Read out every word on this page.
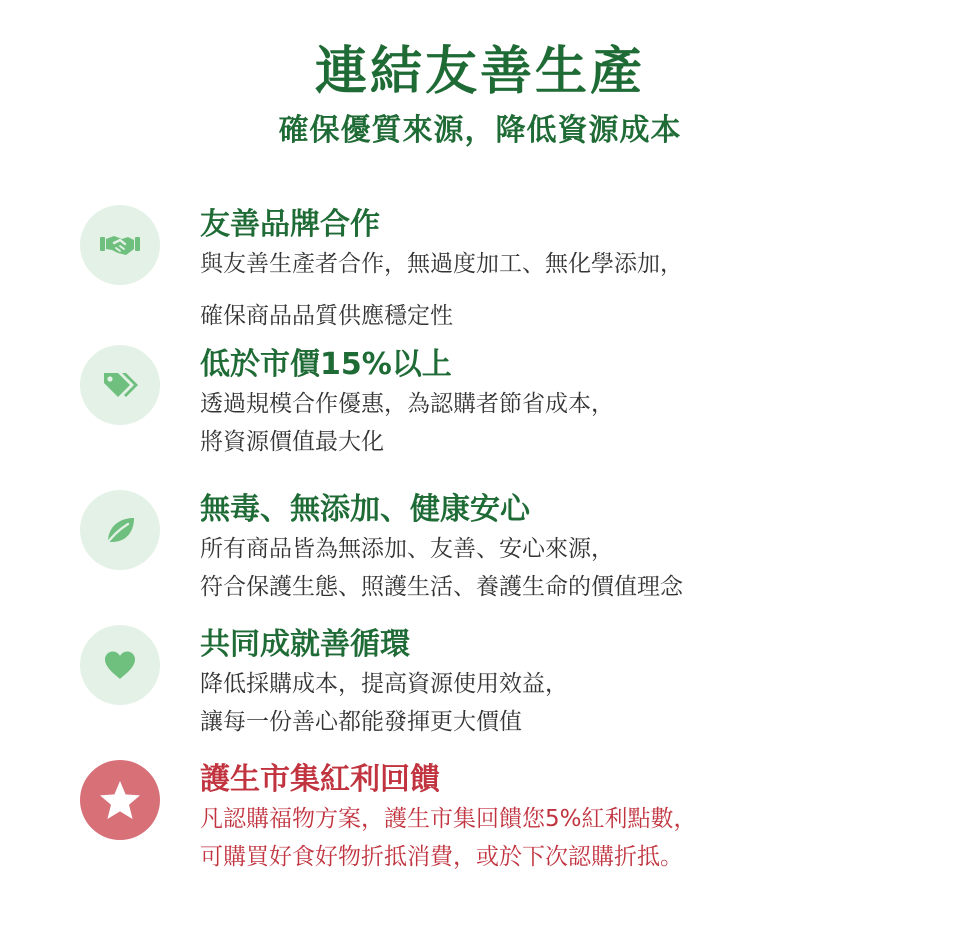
連結友善生產
確保優質來源，降低資源成本
友善品牌合作

與友善生產者合作，無過度加工、無化學添加，
確保商品品質供應穩定性

低於市價15%以上

透過規模合作優惠，為認購者節省成本，
將資源價值最大化

無毒、無添加、健康安心

所有商品皆為無添加、友善、安心來源，
符合保護生態、照護生活、養護生命的價值理念

共同成就善循環

降低採購成本，提高資源使用效益，
讓每一份善心都能發揮更大價值

護生市集紅利回饋

凡認購福物方案，護生市集回饋您5%紅利點數，
可購買好食好物折抵消費，或於下次認購折抵。
